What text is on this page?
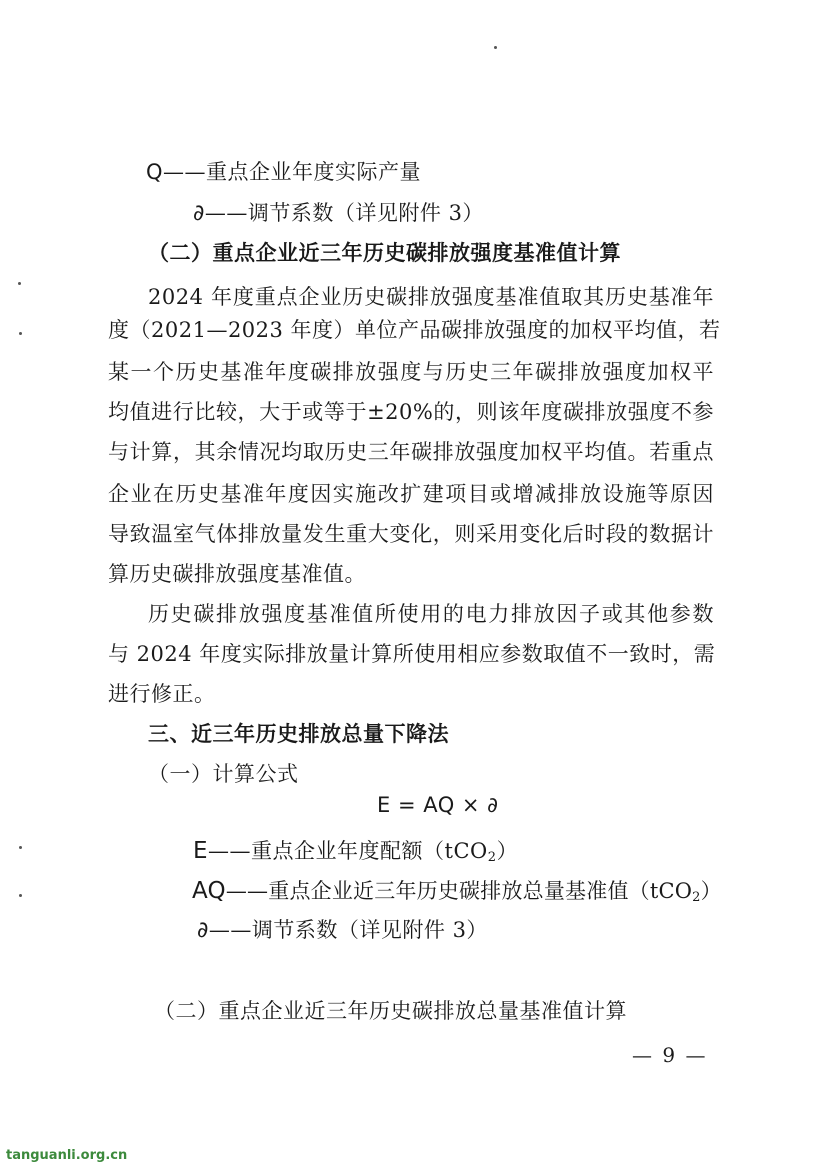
Q——重点企业年度实际产量
∂——调节系数（详见附件 3）
（二）重点企业近三年历史碳排放强度基准值计算
2024 年度重点企业历史碳排放强度基准值取其历史基准年
度（2021—2023 年度）单位产品碳排放强度的加权平均值，若
某一个历史基准年度碳排放强度与历史三年碳排放强度加权平
均值进行比较，大于或等于±20%的，则该年度碳排放强度不参
与计算，其余情况均取历史三年碳排放强度加权平均值。若重点
企业在历史基准年度因实施改扩建项目或增减排放设施等原因
导致温室气体排放量发生重大变化，则采用变化后时段的数据计
算历史碳排放强度基准值。
历史碳排放强度基准值所使用的电力排放因子或其他参数
与 2024 年度实际排放量计算所使用相应参数取值不一致时，需
进行修正。
三、近三年历史排放总量下降法
（一）计算公式
E = AQ × ∂
E——重点企业年度配额（tCO$_2$）
AQ——重点企业近三年历史碳排放总量基准值（tCO$_2$）
∂——调节系数（详见附件 3）
（二）重点企业近三年历史碳排放总量基准值计算
— 9 —
tanguanli.org.cn
